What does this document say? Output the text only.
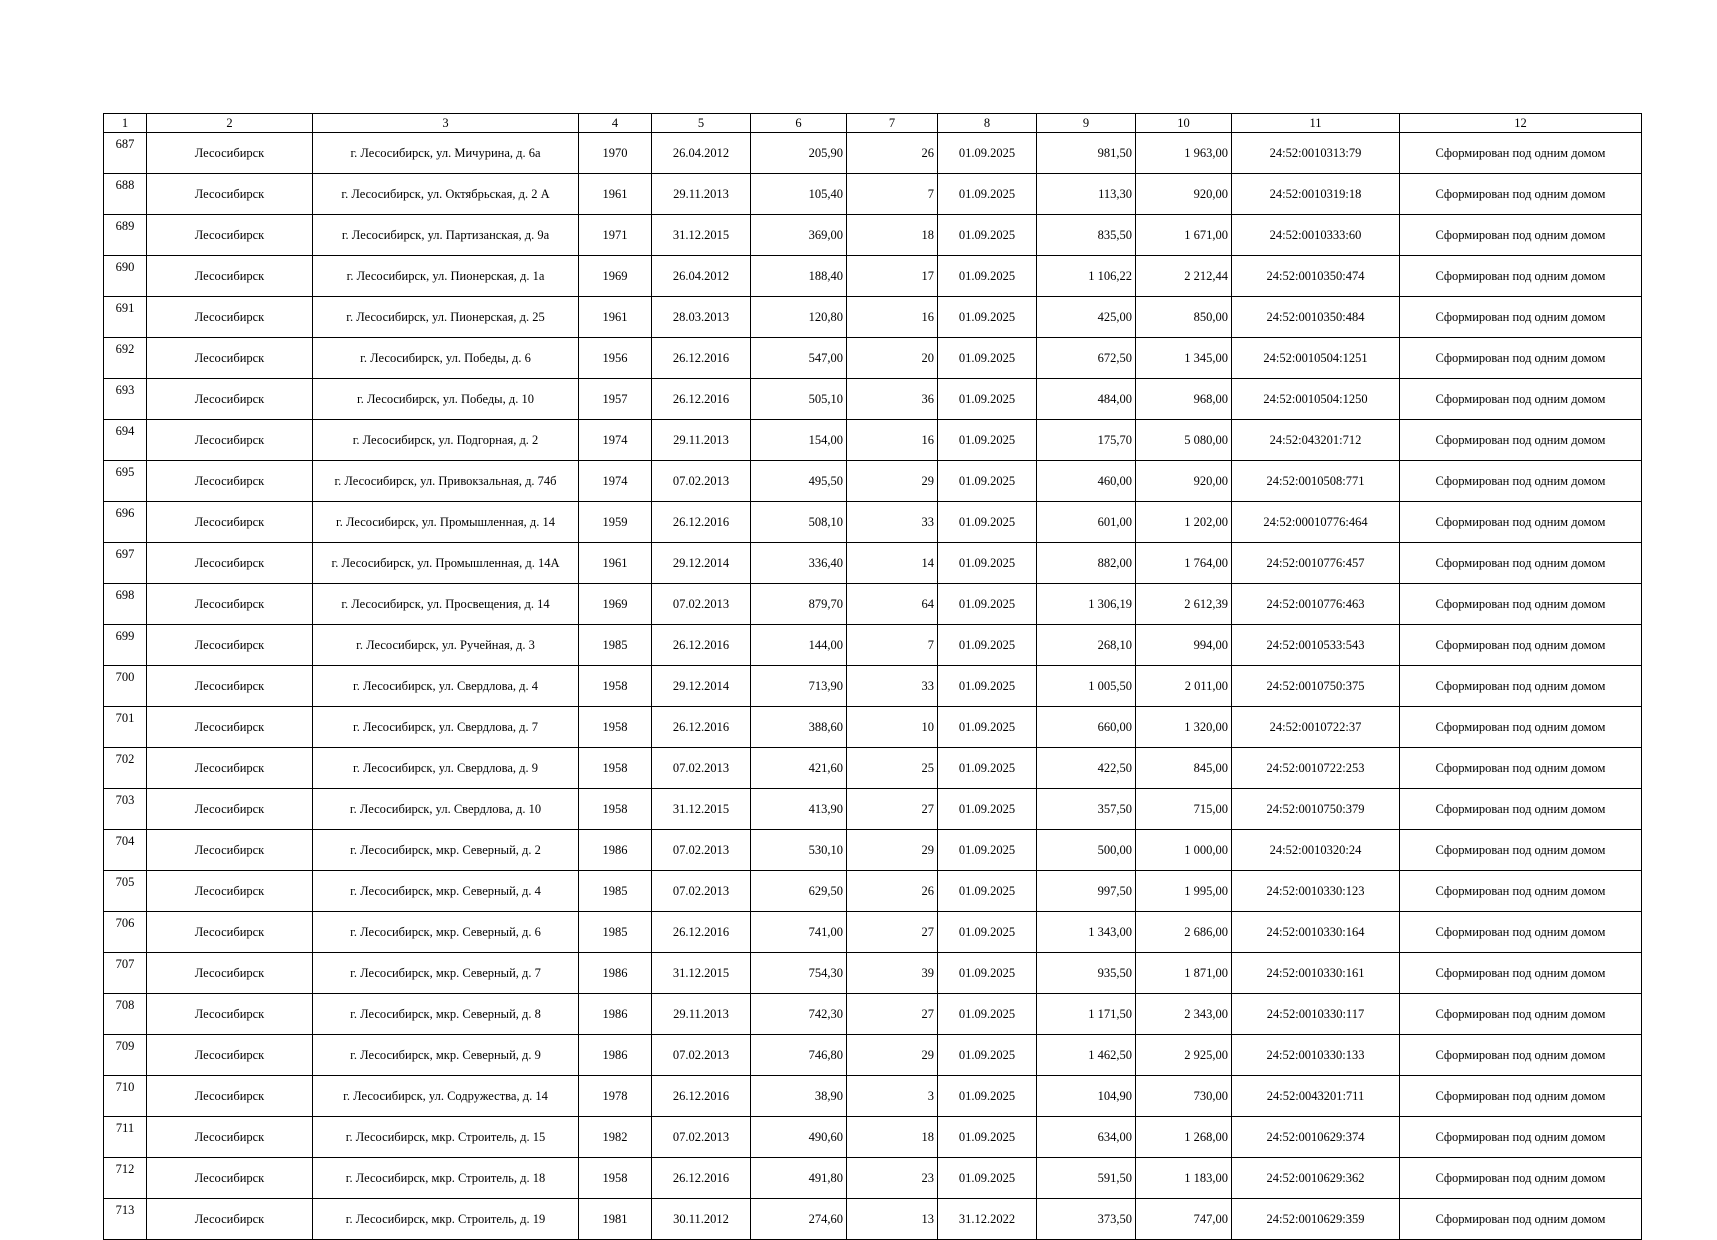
1	2	3	4	5	6	7	8	9	10	11	12
687	Лесосибирск	г. Лесосибирск, ул. Мичурина, д. 6а	1970	26.04.2012	205,90	26	01.09.2025	981,50	1 963,00	24:52:0010313:79	Сформирован под одним домом
688	Лесосибирск	г. Лесосибирск, ул. Октябрьская, д. 2 А	1961	29.11.2013	105,40	7	01.09.2025	113,30	920,00	24:52:0010319:18	Сформирован под одним домом
689	Лесосибирск	г. Лесосибирск, ул. Партизанская, д. 9а	1971	31.12.2015	369,00	18	01.09.2025	835,50	1 671,00	24:52:0010333:60	Сформирован под одним домом
690	Лесосибирск	г. Лесосибирск, ул. Пионерская, д. 1а	1969	26.04.2012	188,40	17	01.09.2025	1 106,22	2 212,44	24:52:0010350:474	Сформирован под одним домом
691	Лесосибирск	г. Лесосибирск, ул. Пионерская, д. 25	1961	28.03.2013	120,80	16	01.09.2025	425,00	850,00	24:52:0010350:484	Сформирован под одним домом
692	Лесосибирск	г. Лесосибирск, ул. Победы, д. 6	1956	26.12.2016	547,00	20	01.09.2025	672,50	1 345,00	24:52:0010504:1251	Сформирован под одним домом
693	Лесосибирск	г. Лесосибирск, ул. Победы, д. 10	1957	26.12.2016	505,10	36	01.09.2025	484,00	968,00	24:52:0010504:1250	Сформирован под одним домом
694	Лесосибирск	г. Лесосибирск, ул. Подгорная, д. 2	1974	29.11.2013	154,00	16	01.09.2025	175,70	5 080,00	24:52:043201:712	Сформирован под одним домом
695	Лесосибирск	г. Лесосибирск, ул. Привокзальная, д. 74б	1974	07.02.2013	495,50	29	01.09.2025	460,00	920,00	24:52:0010508:771	Сформирован под одним домом
696	Лесосибирск	г. Лесосибирск, ул. Промышленная, д. 14	1959	26.12.2016	508,10	33	01.09.2025	601,00	1 202,00	24:52:00010776:464	Сформирован под одним домом
697	Лесосибирск	г. Лесосибирск, ул. Промышленная, д. 14А	1961	29.12.2014	336,40	14	01.09.2025	882,00	1 764,00	24:52:0010776:457	Сформирован под одним домом
698	Лесосибирск	г. Лесосибирск, ул. Просвещения, д. 14	1969	07.02.2013	879,70	64	01.09.2025	1 306,19	2 612,39	24:52:0010776:463	Сформирован под одним домом
699	Лесосибирск	г. Лесосибирск, ул. Ручейная, д. 3	1985	26.12.2016	144,00	7	01.09.2025	268,10	994,00	24:52:0010533:543	Сформирован под одним домом
700	Лесосибирск	г. Лесосибирск, ул. Свердлова, д. 4	1958	29.12.2014	713,90	33	01.09.2025	1 005,50	2 011,00	24:52:0010750:375	Сформирован под одним домом
701	Лесосибирск	г. Лесосибирск, ул. Свердлова, д. 7	1958	26.12.2016	388,60	10	01.09.2025	660,00	1 320,00	24:52:0010722:37	Сформирован под одним домом
702	Лесосибирск	г. Лесосибирск, ул. Свердлова, д. 9	1958	07.02.2013	421,60	25	01.09.2025	422,50	845,00	24:52:0010722:253	Сформирован под одним домом
703	Лесосибирск	г. Лесосибирск, ул. Свердлова, д. 10	1958	31.12.2015	413,90	27	01.09.2025	357,50	715,00	24:52:0010750:379	Сформирован под одним домом
704	Лесосибирск	г. Лесосибирск, мкр. Северный, д. 2	1986	07.02.2013	530,10	29	01.09.2025	500,00	1 000,00	24:52:0010320:24	Сформирован под одним домом
705	Лесосибирск	г. Лесосибирск, мкр. Северный, д. 4	1985	07.02.2013	629,50	26	01.09.2025	997,50	1 995,00	24:52:0010330:123	Сформирован под одним домом
706	Лесосибирск	г. Лесосибирск, мкр. Северный, д. 6	1985	26.12.2016	741,00	27	01.09.2025	1 343,00	2 686,00	24:52:0010330:164	Сформирован под одним домом
707	Лесосибирск	г. Лесосибирск, мкр. Северный, д. 7	1986	31.12.2015	754,30	39	01.09.2025	935,50	1 871,00	24:52:0010330:161	Сформирован под одним домом
708	Лесосибирск	г. Лесосибирск, мкр. Северный, д. 8	1986	29.11.2013	742,30	27	01.09.2025	1 171,50	2 343,00	24:52:0010330:117	Сформирован под одним домом
709	Лесосибирск	г. Лесосибирск, мкр. Северный, д. 9	1986	07.02.2013	746,80	29	01.09.2025	1 462,50	2 925,00	24:52:0010330:133	Сформирован под одним домом
710	Лесосибирск	г. Лесосибирск, ул. Содружества, д. 14	1978	26.12.2016	38,90	3	01.09.2025	104,90	730,00	24:52:0043201:711	Сформирован под одним домом
711	Лесосибирск	г. Лесосибирск, мкр. Строитель, д. 15	1982	07.02.2013	490,60	18	01.09.2025	634,00	1 268,00	24:52:0010629:374	Сформирован под одним домом
712	Лесосибирск	г. Лесосибирск, мкр. Строитель, д. 18	1958	26.12.2016	491,80	23	01.09.2025	591,50	1 183,00	24:52:0010629:362	Сформирован под одним домом
713	Лесосибирск	г. Лесосибирск, мкр. Строитель, д. 19	1981	30.11.2012	274,60	13	31.12.2022	373,50	747,00	24:52:0010629:359	Сформирован под одним домом
